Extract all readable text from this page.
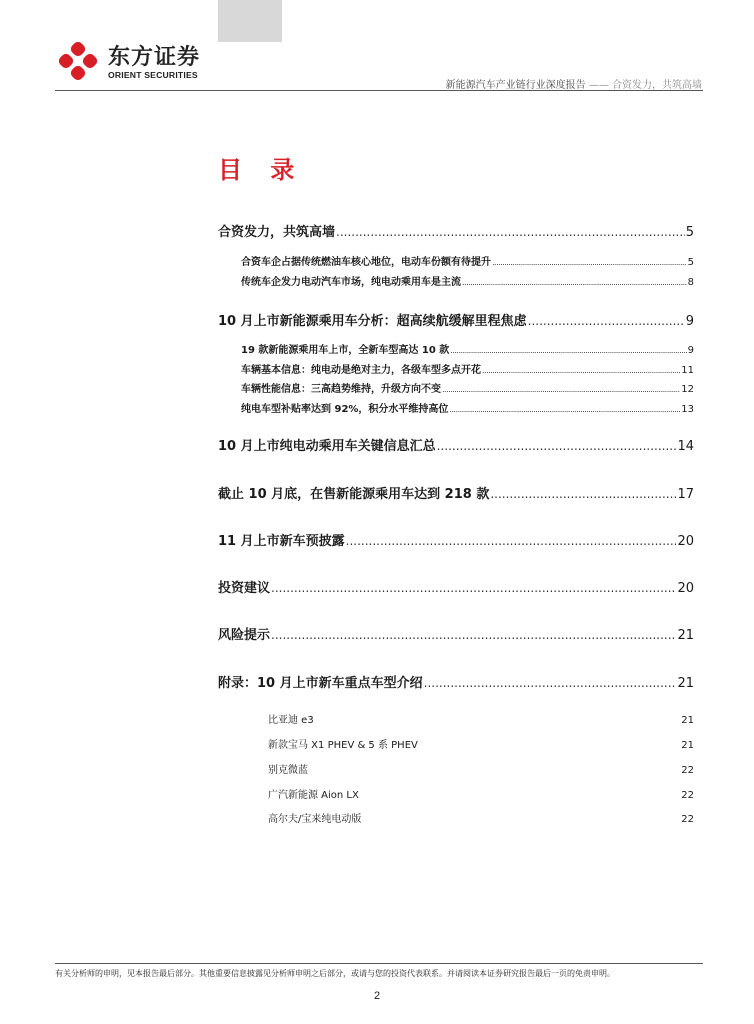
东方证券
ORIENT SECURITIES
新能源汽车产业链行业深度报告 —— 合资发力，共筑高墙
目 录
合资发力，共筑高墙 .....	5
合资车企占据传统燃油车核心地位，电动车份额有待提升 .....	5
传统车企发力电动汽车市场，纯电动乘用车是主流 .....	8
10 月上市新能源乘用车分析：超高续航缓解里程焦虑 .....	9
19 款新能源乘用车上市，全新车型高达 10 款 .....	9
车辆基本信息：纯电动是绝对主力，各级车型多点开花 .....	11
车辆性能信息：三高趋势维持，升级方向不变 .....	12
纯电车型补贴率达到 92%，积分水平维持高位 .....	13
10 月上市纯电动乘用车关键信息汇总 .....	14
截止 10 月底，在售新能源乘用车达到 218 款 .....	17
11 月上市新车预披露 .....	20
投资建议 .....	20
风险提示 .....	21
附录：10 月上市新车重点车型介绍 .....	21
比亚迪 e3	21
新款宝马 X1 PHEV & 5 系 PHEV	21
别克微蓝	22
广汽新能源 Aion LX	22
高尔夫/宝来纯电动版	22
有关分析师的申明，见本报告最后部分。其他重要信息披露见分析师申明之后部分，或请与您的投资代表联系。并请阅读本证券研究报告最后一页的免责申明。
2
